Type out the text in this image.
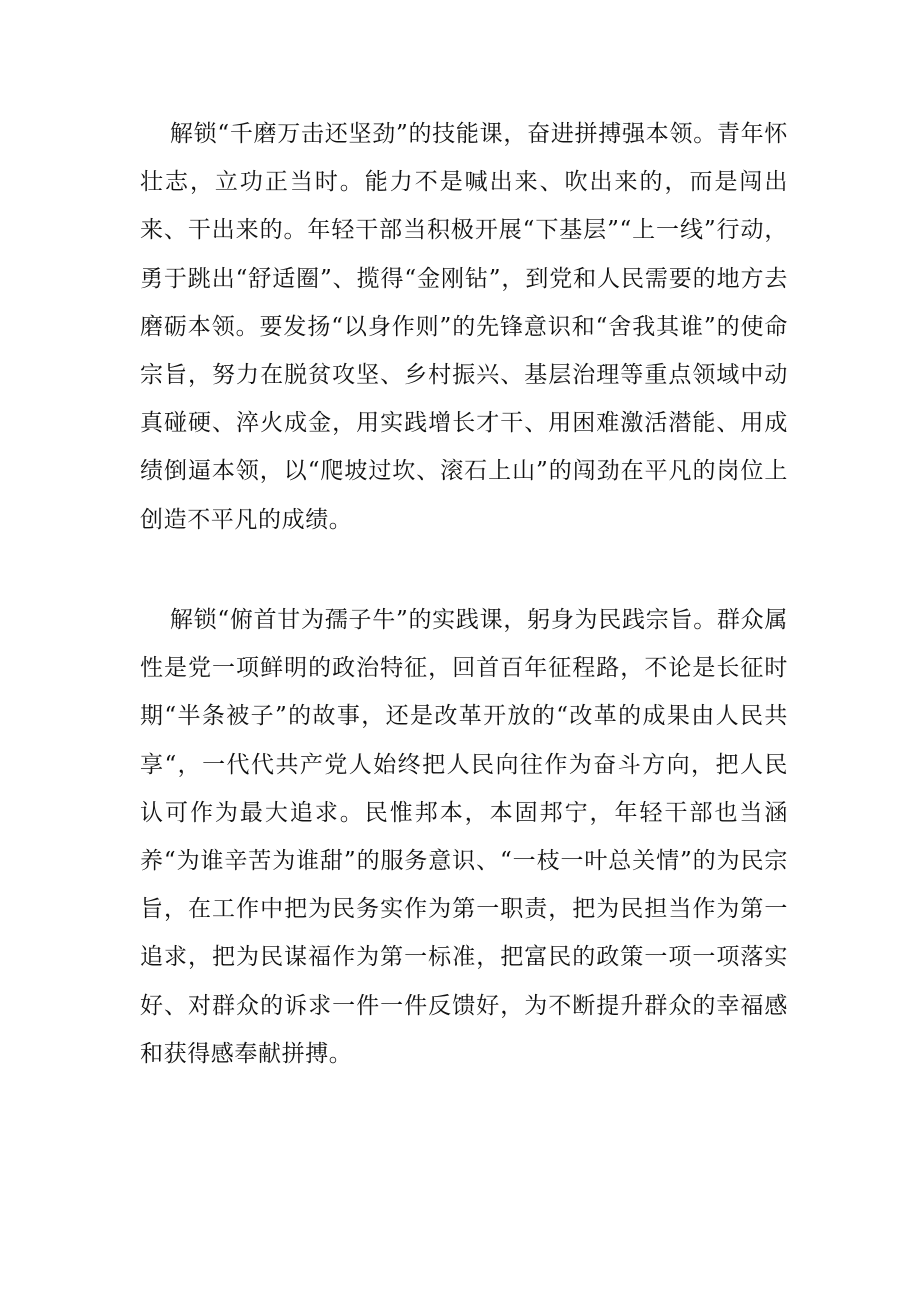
解锁“千磨万击还坚劲”的技能课，奋进拼搏强本领。青年怀壮志，立功正当时。能力不是喊出来、吹出来的，而是闯出来、干出来的。年轻干部当积极开展“下基层”“上一线”行动，勇于跳出“舒适圈”、揽得“金刚钻”，到党和人民需要的地方去磨砺本领。要发扬“以身作则”的先锋意识和“舍我其谁”的使命宗旨，努力在脱贫攻坚、乡村振兴、基层治理等重点领域中动真碰硬、淬火成金，用实践增长才干、用困难激活潜能、用成绩倒逼本领，以“爬坡过坎、滚石上山”的闯劲在平凡的岗位上创造不平凡的成绩。

解锁“俯首甘为孺子牛”的实践课，躬身为民践宗旨。群众属性是党一项鲜明的政治特征，回首百年征程路，不论是长征时期“半条被子”的故事，还是改革开放的“改革的成果由人民共享“，一代代共产党人始终把人民向往作为奋斗方向，把人民认可作为最大追求。民惟邦本，本固邦宁，年轻干部也当涵养“为谁辛苦为谁甜”的服务意识、“一枝一叶总关情”的为民宗旨，在工作中把为民务实作为第一职责，把为民担当作为第一追求，把为民谋福作为第一标准，把富民的政策一项一项落实好、对群众的诉求一件一件反馈好，为不断提升群众的幸福感和获得感奉献拼搏。
